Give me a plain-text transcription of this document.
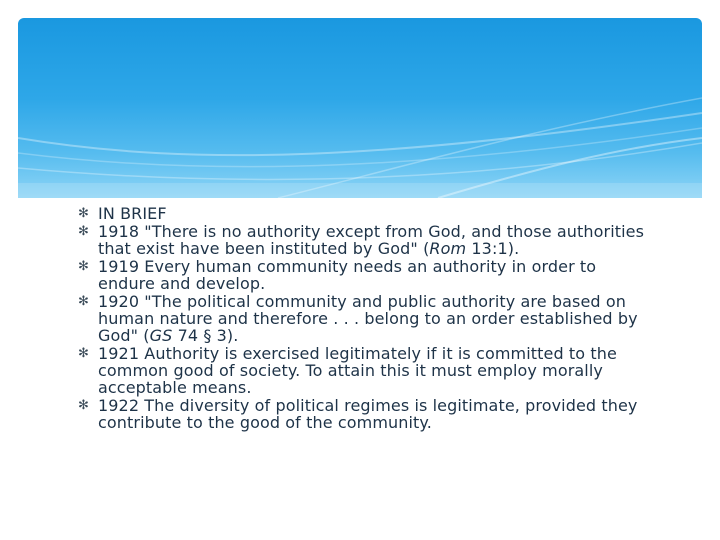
✻ IN BRIEF
✻ 1918 "There is no authority except from God, and those authorities that exist have been instituted by God" (Rom 13:1).
✻ 1919 Every human community needs an authority in order to endure and develop.
✻ 1920 "The political community and public authority are based on human nature and therefore . . . belong to an order established by God" (GS 74 § 3).
✻ 1921 Authority is exercised legitimately if it is committed to the common good of society. To attain this it must employ morally acceptable means.
✻ 1922 The diversity of political regimes is legitimate, provided they contribute to the good of the community.
